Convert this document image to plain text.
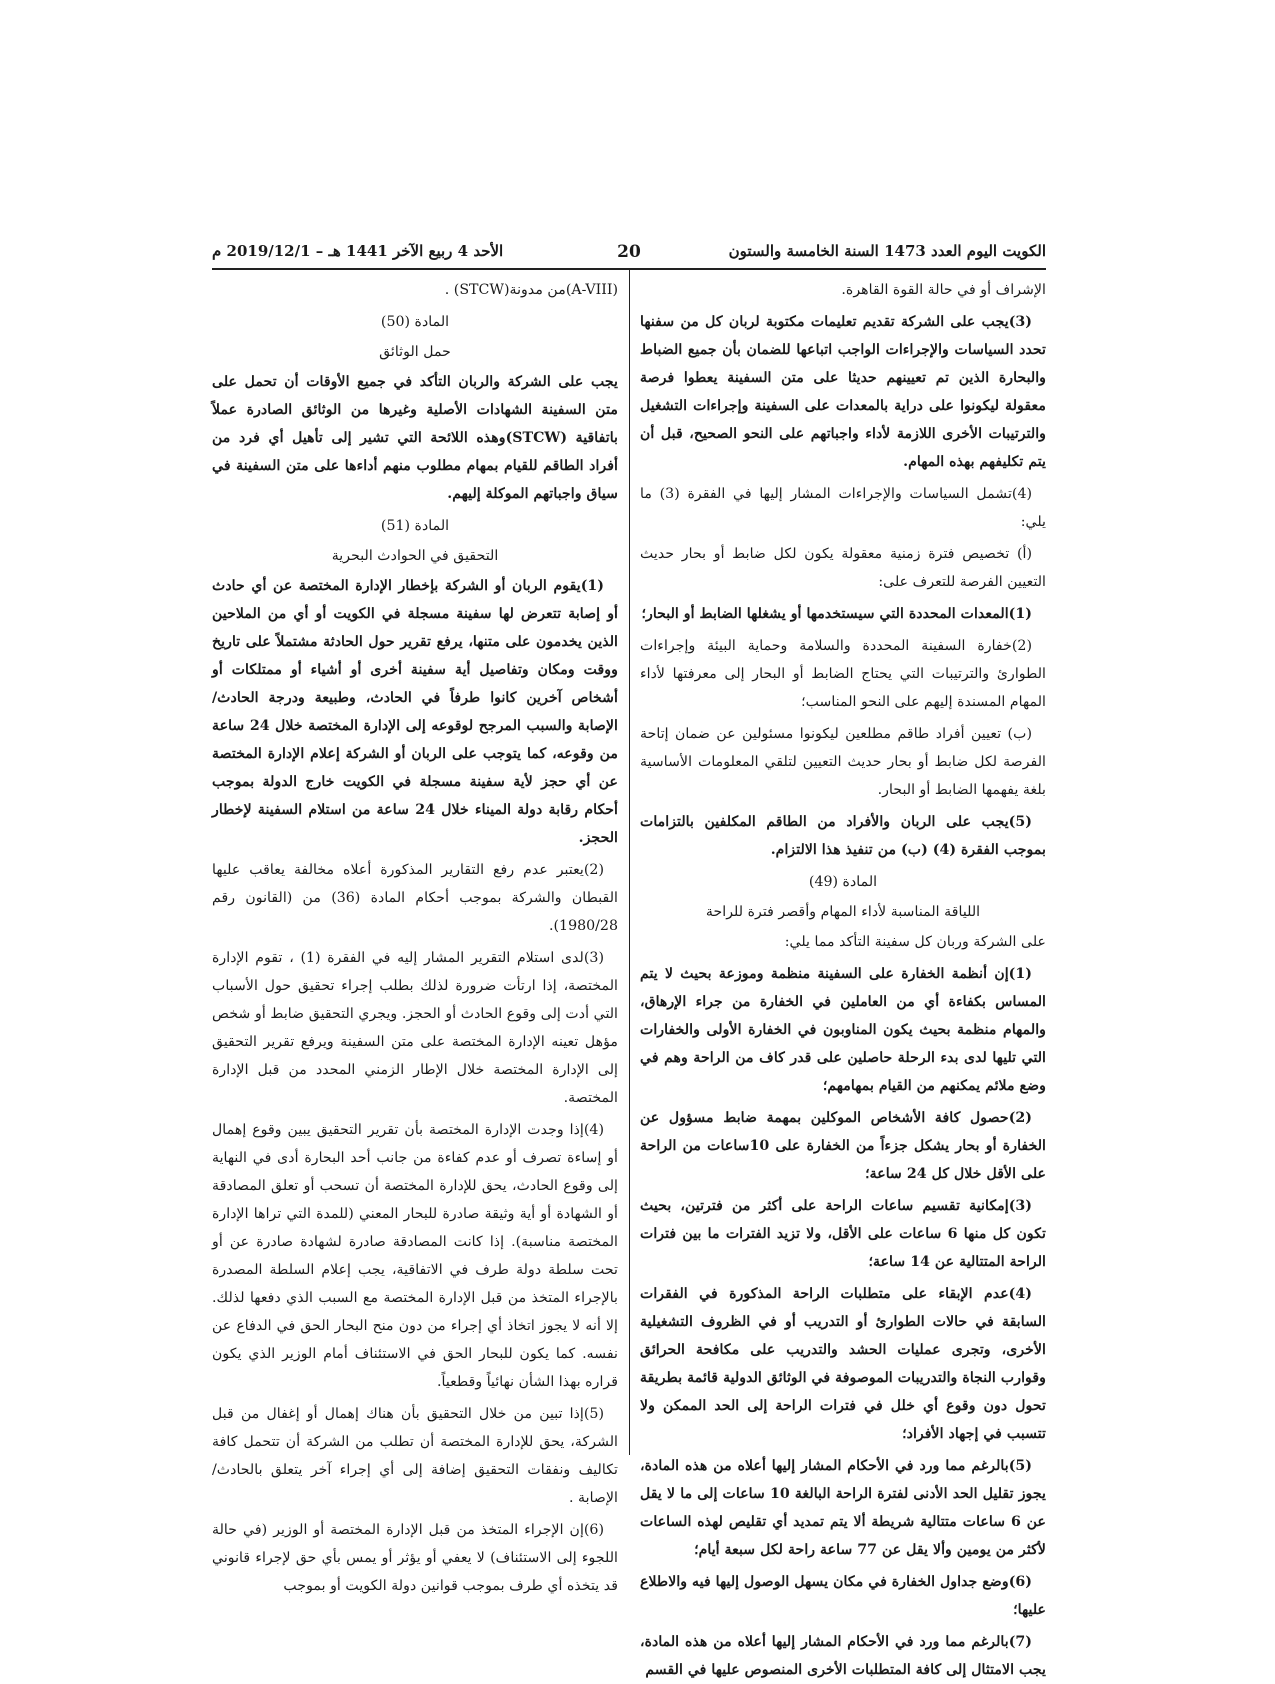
الكويت اليوم العدد 1473 السنة الخامسة والستون
20
الأحد 4 ربيع الآخر 1441 هـ – 2019/12/1 م

الإشراف أو في حالة القوة القاهرة.

(3)يجب على الشركة تقديم تعليمات مكتوبة لربان كل من سفنها تحدد السياسات والإجراءات الواجب اتباعها للضمان بأن جميع الضباط والبحارة الذين تم تعيينهم حديثا على متن السفينة يعطوا فرصة معقولة ليكونوا على دراية بالمعدات على السفينة وإجراءات التشغيل والترتيبات الأخرى اللازمة لأداء واجباتهم على النحو الصحيح، قبل أن يتم تكليفهم بهذه المهام.

(4)تشمل السياسات والإجراءات المشار إليها في الفقرة (3) ما يلي:

(أ) تخصيص فترة زمنية معقولة يكون لكل ضابط أو بحار حديث التعيين الفرصة للتعرف على:

(1)المعدات المحددة التي سيستخدمها أو يشغلها الضابط أو البحار؛

(2)خفارة السفينة المحددة والسلامة وحماية البيئة وإجراءات الطوارئ والترتيبات التي يحتاج الضابط أو البحار إلى معرفتها لأداء المهام المسندة إليهم على النحو المناسب؛

(ب) تعيين أفراد طاقم مطلعين ليكونوا مسئولين عن ضمان إتاحة الفرصة لكل ضابط أو بحار حديث التعيين لتلقي المعلومات الأساسية بلغة يفهمها الضابط أو البحار.

(5)يجب على الربان والأفراد من الطاقم المكلفين بالتزامات بموجب الفقرة (4) (ب) من تنفيذ هذا الالتزام.

المادة (49)

اللياقة المناسبة لأداء المهام وأقصر فترة للراحة

على الشركة وربان كل سفينة التأكد مما يلي:

(1)إن أنظمة الخفارة على السفينة منظمة وموزعة بحيث لا يتم المساس بكفاءة أي من العاملين في الخفارة من جراء الإرهاق، والمهام منظمة بحيث يكون المناوبون في الخفارة الأولى والخفارات التي تليها لدى بدء الرحلة حاصلين على قدر كاف من الراحة وهم في وضع ملائم يمكنهم من القيام بمهامهم؛

(2)حصول كافة الأشخاص الموكلين بمهمة ضابط مسؤول عن الخفارة أو بحار يشكل جزءاً من الخفارة على 10ساعات من الراحة على الأقل خلال كل 24 ساعة؛

(3)إمكانية تقسيم ساعات الراحة على أكثر من فترتين، بحيث تكون كل منها 6 ساعات على الأقل، ولا تزيد الفترات ما بين فترات الراحة المتتالية عن 14 ساعة؛

(4)عدم الإبقاء على متطلبات الراحة المذكورة في الفقرات السابقة في حالات الطوارئ أو التدريب أو في الظروف التشغيلية الأخرى، وتجرى عمليات الحشد والتدريب على مكافحة الحرائق وقوارب النجاة والتدريبات الموصوفة في الوثائق الدولية قائمة بطريقة تحول دون وقوع أي خلل في فترات الراحة إلى الحد الممكن ولا تتسبب في إجهاد الأفراد؛

(5)بالرغم مما ورد في الأحكام المشار إليها أعلاه من هذه المادة، يجوز تقليل الحد الأدنى لفترة الراحة البالغة 10 ساعات إلى ما لا يقل عن 6 ساعات متتالية شريطة ألا يتم تمديد أي تقليص لهذه الساعات لأكثر من يومين وألا يقل عن 77 ساعة راحة لكل سبعة أيام؛

(6)وضع جداول الخفارة في مكان يسهل الوصول إليها فيه والاطلاع عليها؛

(7)بالرغم مما ورد في الأحكام المشار إليها أعلاه من هذه المادة، يجب الامتثال إلى كافة المتطلبات الأخرى المنصوص عليها في القسم

(A-VIII)من مدونة(STCW) .

المادة (50)

حمل الوثائق

يجب على الشركة والربان التأكد في جميع الأوقات أن تحمل على متن السفينة الشهادات الأصلية وغيرها من الوثائق الصادرة عملاً باتفاقية (STCW)وهذه اللائحة التي تشير إلى تأهيل أي فرد من أفراد الطاقم للقيام بمهام مطلوب منهم أداءها على متن السفينة في سياق واجباتهم الموكلة إليهم.

المادة (51)

التحقيق في الحوادث البحرية

(1)يقوم الربان أو الشركة بإخطار الإدارة المختصة عن أي حادث أو إصابة تتعرض لها سفينة مسجلة في الكويت أو أي من الملاحين الذين يخدمون على متنها، يرفع تقرير حول الحادثة مشتملاً على تاريخ ووقت ومكان وتفاصيل أية سفينة أخرى أو أشياء أو ممتلكات أو أشخاص آخرين كانوا طرفاً في الحادث، وطبيعة ودرجة الحادث/الإصابة والسبب المرجح لوقوعه إلى الإدارة المختصة خلال 24 ساعة من وقوعه، كما يتوجب على الربان أو الشركة إعلام الإدارة المختصة عن أي حجز لأية سفينة مسجلة في الكويت خارج الدولة بموجب أحكام رقابة دولة الميناء خلال 24 ساعة من استلام السفينة لإخطار الحجز.

(2)يعتبر عدم رفع التقارير المذكورة أعلاه مخالفة يعاقب عليها القبطان والشركة بموجب أحكام المادة (36) من (القانون رقم 1980/28).

(3)لدى استلام التقرير المشار إليه في الفقرة (1) ، تقوم الإدارة المختصة، إذا ارتأت ضرورة لذلك بطلب إجراء تحقيق حول الأسباب التي أدت إلى وقوع الحادث أو الحجز. ويجري التحقيق ضابط أو شخص مؤهل تعينه الإدارة المختصة على متن السفينة ويرفع تقرير التحقيق إلى الإدارة المختصة خلال الإطار الزمني المحدد من قبل الإدارة المختصة.

(4)إذا وجدت الإدارة المختصة بأن تقرير التحقيق يبين وقوع إهمال أو إساءة تصرف أو عدم كفاءة من جانب أحد البحارة أدى في النهاية إلى وقوع الحادث، يحق للإدارة المختصة أن تسحب أو تعلق المصادقة أو الشهادة أو أية وثيقة صادرة للبحار المعني (للمدة التي تراها الإدارة المختصة مناسبة). إذا كانت المصادقة صادرة لشهادة صادرة عن أو تحت سلطة دولة طرف في الاتفاقية، يجب إعلام السلطة المصدرة بالإجراء المتخذ من قبل الإدارة المختصة مع السبب الذي دفعها لذلك. إلا أنه لا يجوز اتخاذ أي إجراء من دون منح البحار الحق في الدفاع عن نفسه. كما يكون للبحار الحق في الاستئناف أمام الوزير الذي يكون قراره بهذا الشأن نهائياً وقطعياً.

(5)إذا تبين من خلال التحقيق بأن هناك إهمال أو إغفال من قبل الشركة، يحق للإدارة المختصة أن تطلب من الشركة أن تتحمل كافة تكاليف ونفقات التحقيق إضافة إلى أي إجراء آخر يتعلق بالحادث/الإصابة .

(6)إن الإجراء المتخذ من قبل الإدارة المختصة أو الوزير (في حالة اللجوء إلى الاستئناف) لا يعفي أو يؤثر أو يمس بأي حق لإجراء قانوني قد يتخذه أي طرف بموجب قوانين دولة الكويت أو بموجب
